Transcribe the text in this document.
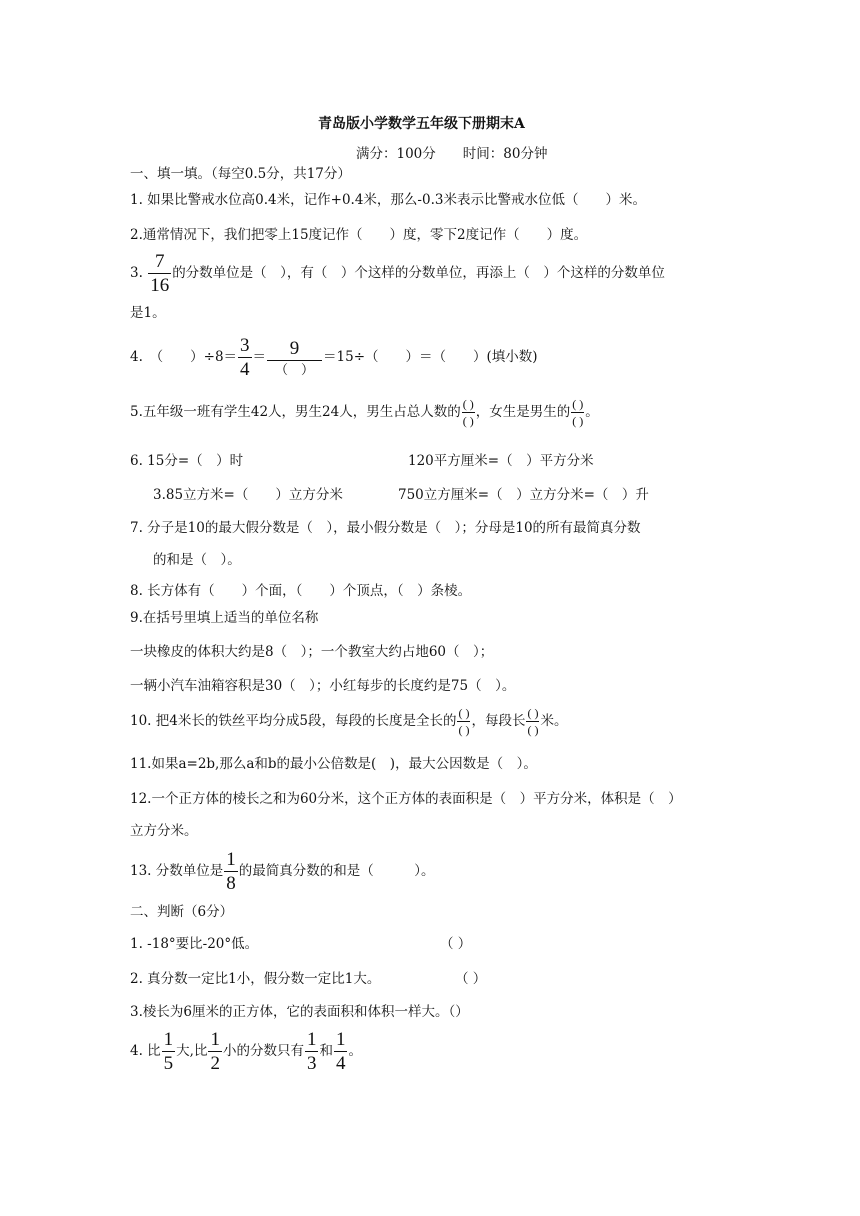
青岛版小学数学五年级下册期末A
满分：100分　　时间：80分钟
一、填一填。（每空0.5分，共17分）
1. 如果比警戒水位高0.4米，记作+0.4米，那么-0.3米表示比警戒水位低（　　）米。
2.通常情况下，我们把零上15度记作（　　）度，零下2度记作（　　）度。
3. $\frac{7}{16}$ 的分数单位是（　），有（　）个这样的分数单位，再添上（　）个这样的分数单位
是1。
4.　（　　）$\div 8= \frac{3}{4} = \frac{9}{( )} =15\div$（　　）＝（　　）(填小数)
5.五年级一班有学生42人，男生24人，男生占总人数的 $\frac{( )}{( )}$ ，女生是男生的 $\frac{( )}{( )}$ 。
6. 15分=（　）时	120平方厘米=（　）平方分米
3.85立方米=（　　）立方分米	750立方厘米=（　）立方分米=（　）升
7. 分子是10的最大假分数是（　），最小假分数是（　）；分母是10的所有最简真分数
的和是（　）。
8. 长方体有（　　）个面，（　　）个顶点，（　）条棱。
9.在括号里填上适当的单位名称
一块橡皮的体积大约是8（　）；一个教室大约占地60（　）；
一辆小汽车油箱容积是30（　）；小红每步的长度约是75（　）。
10. 把4米长的铁丝平均分成5段，每段的长度是全长的 $\frac{( )}{( )}$ ，每段长 $\frac{( )}{( )}$ 米。
11.如果a=2b,那么a和b的最小公倍数是(　)，最大公因数是（　）。
12.一个正方体的棱长之和为60分米，这个正方体的表面积是（　）平方分米，体积是（　）
立方分米。
13. 分数单位是 $\frac{1}{8}$ 的最简真分数的和是（　　　）。
二、判断（6分）
1. -18°要比-20°低。	（ ）
2. 真分数一定比1小，假分数一定比1大。	（ ）
3.棱长为6厘米的正方体，它的表面积和体积一样大。（）
4. 比 $\frac{1}{5}$ 大,比 $\frac{1}{2}$ 小的分数只有 $\frac{1}{3}$ 和 $\frac{1}{4}$ 。
